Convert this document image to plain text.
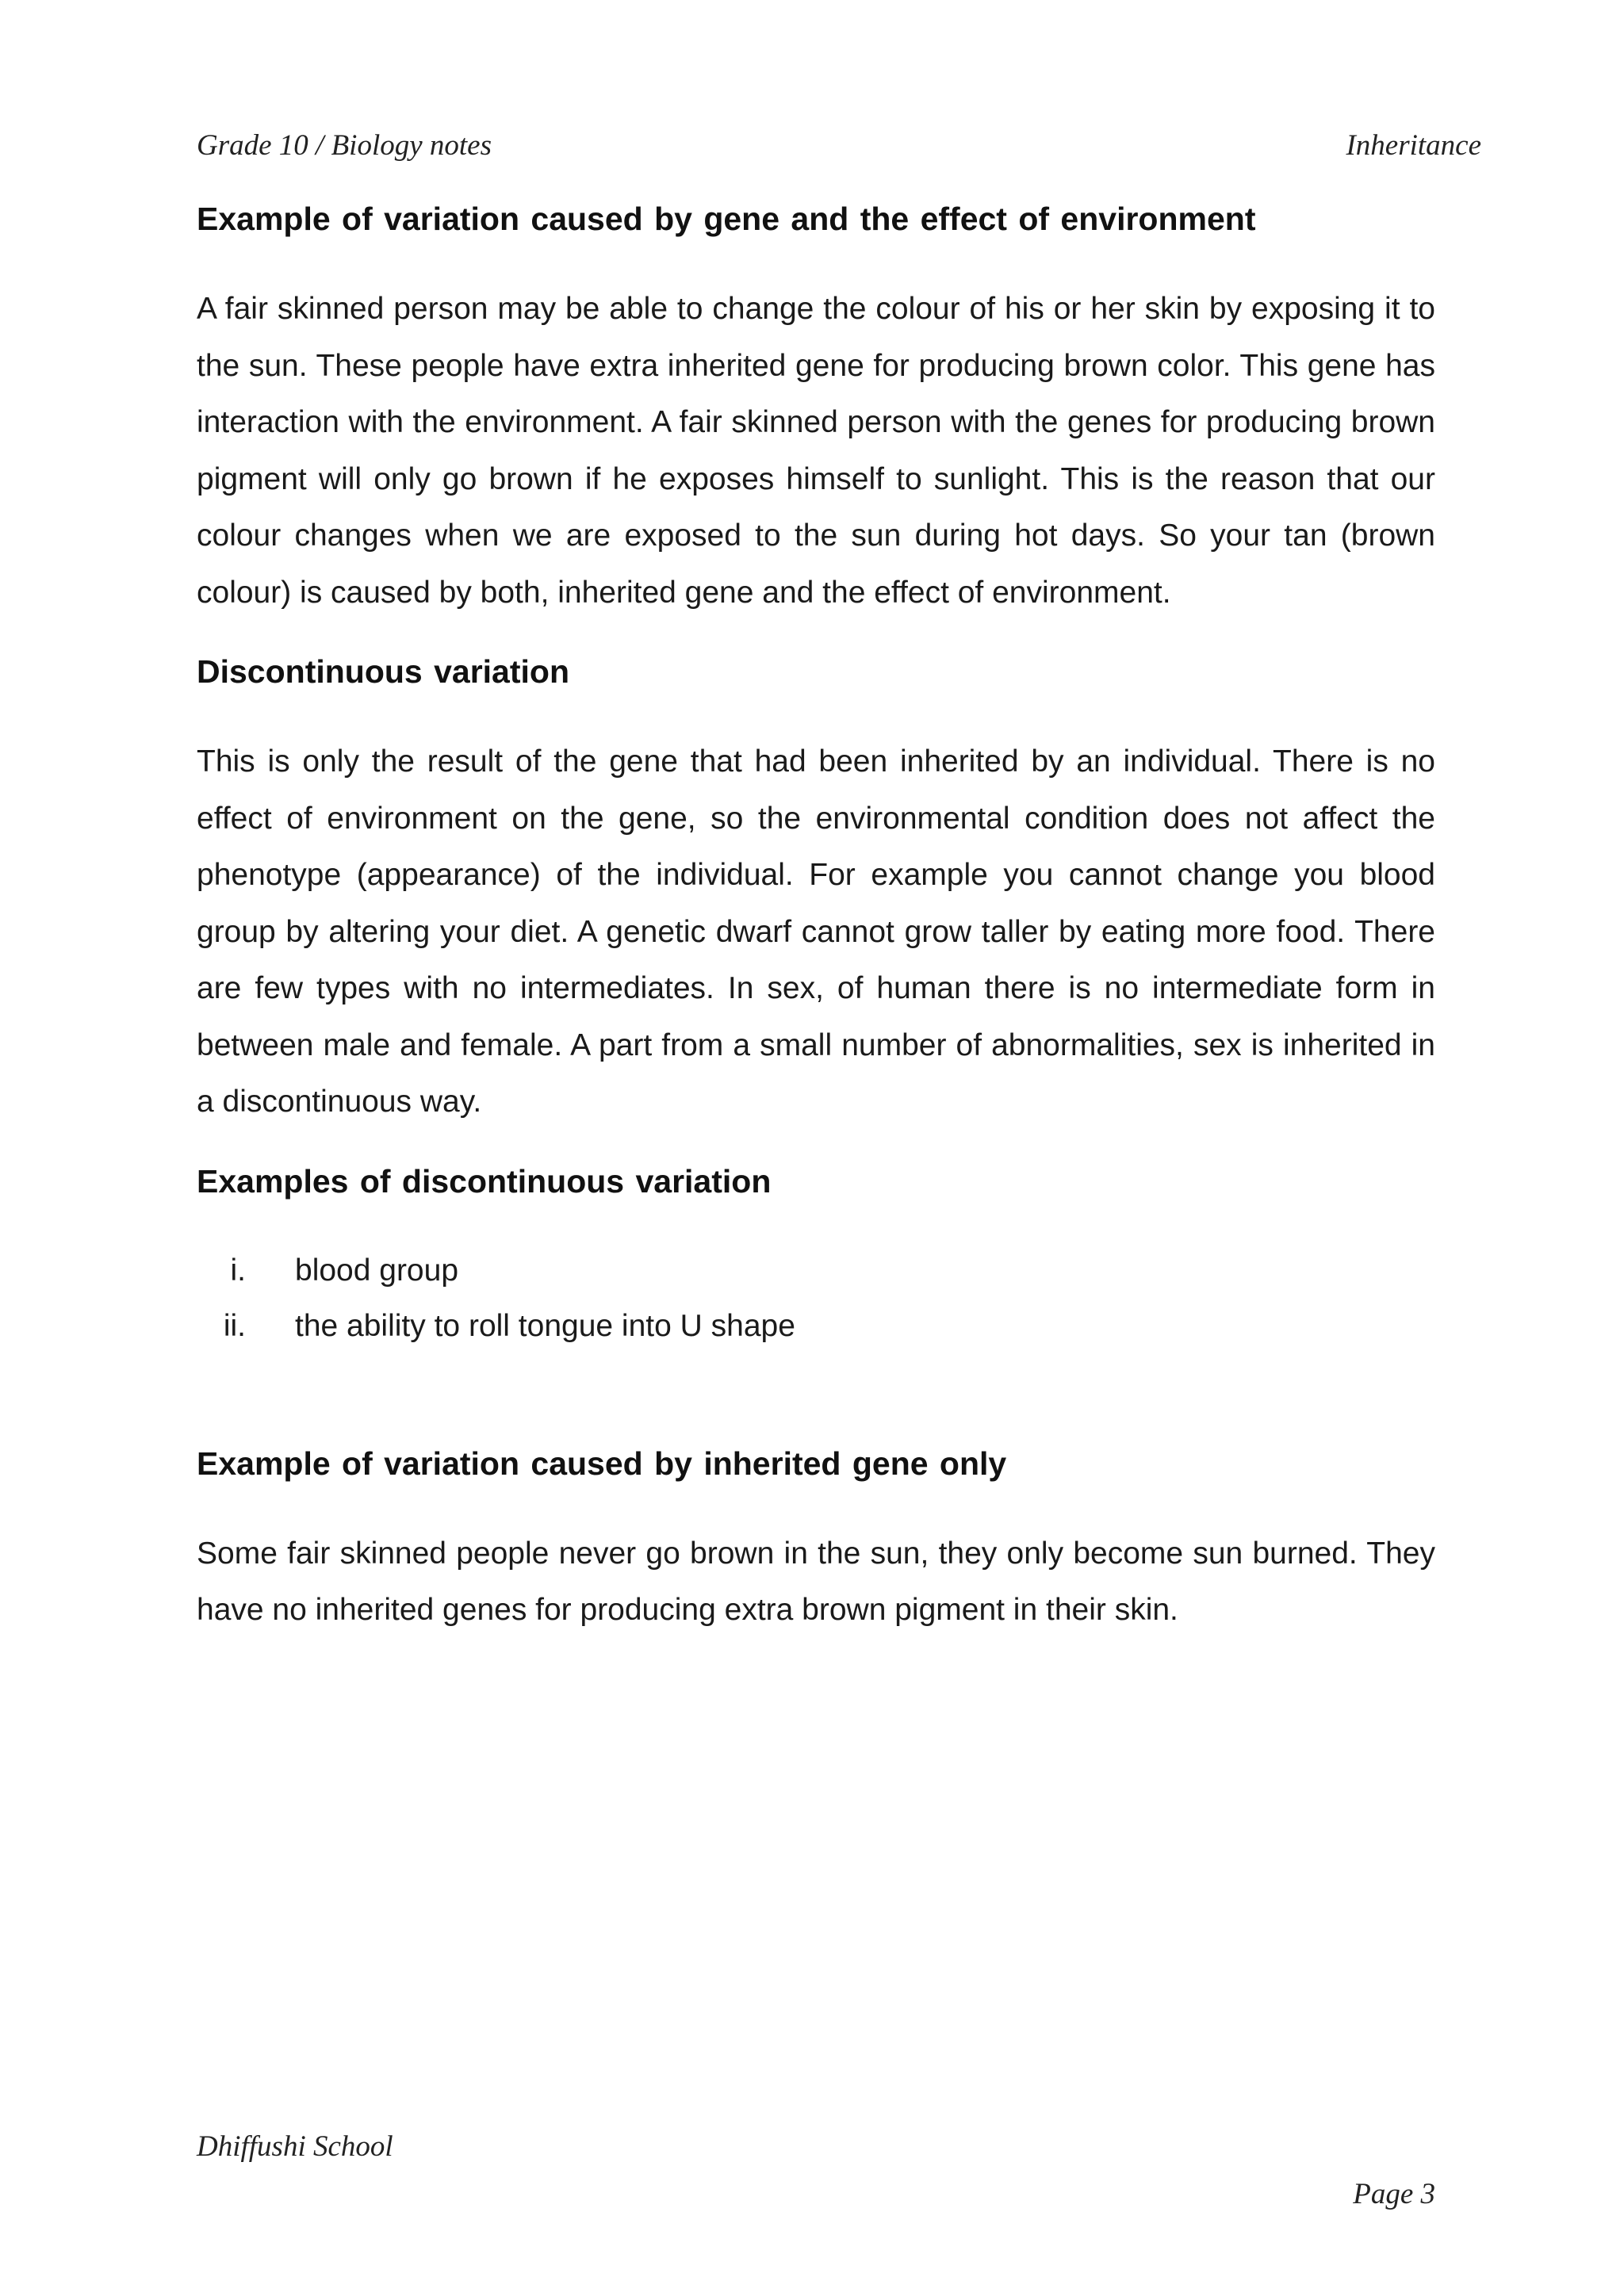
Grade 10 / Biology notes	Inheritance
Example of variation caused by gene and the effect of environment

A fair skinned person may be able to change the colour of his or her skin by exposing it to the sun. These people have extra inherited gene for producing brown color. This gene has interaction with the environment. A fair skinned person with the genes for producing brown pigment will only go brown if he exposes himself to sunlight. This is the reason that our colour changes when we are exposed to the sun during hot days. So your tan (brown colour) is caused by both, inherited gene and the effect of environment.

Discontinuous variation

This is only the result of the gene that had been inherited by an individual. There is no effect of environment on the gene, so the environmental condition does not affect the phenotype (appearance) of the individual. For example you cannot change you blood group by altering your diet. A genetic dwarf cannot grow taller by eating more food. There are few types with no intermediates. In sex, of human there is no intermediate form in between male and female. A part from a small number of abnormalities, sex is inherited in a discontinuous way.

Examples of discontinuous variation
i. blood group
ii. the ability to roll tongue into U shape
Example of variation caused by inherited gene only

Some fair skinned people never go brown in the sun, they only become sun burned. They have no inherited genes for producing extra brown pigment in their skin.

Dhiffushi School
Page 3
